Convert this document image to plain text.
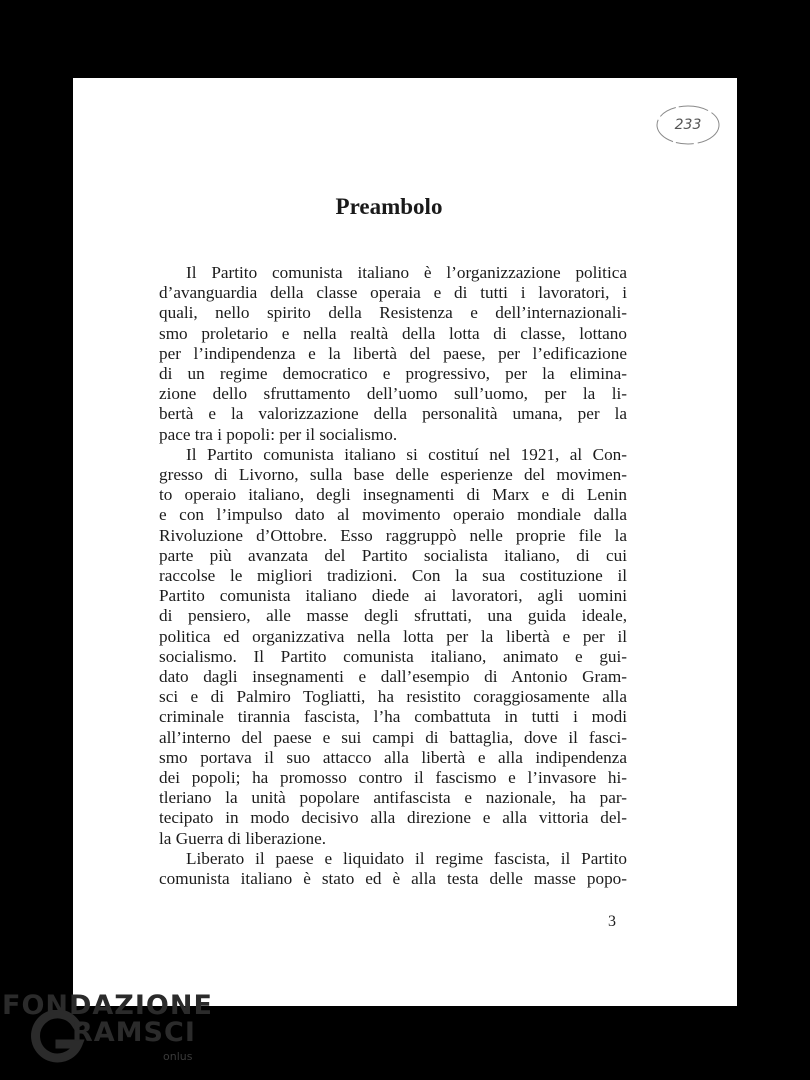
233
Preambolo
Il Partito comunista italiano è l’organizzazione politica
d’avanguardia della classe operaia e di tutti i lavoratori, i
quali, nello spirito della Resistenza e dell’internazionali-
smo proletario e nella realtà della lotta di classe, lottano
per l’indipendenza e la libertà del paese, per l’edificazione
di un regime democratico e progressivo, per la elimina-
zione dello sfruttamento dell’uomo sull’uomo, per la li-
bertà e la valorizzazione della personalità umana, per la
pace tra i popoli: per il socialismo.
Il Partito comunista italiano si costituí nel 1921, al Con-
gresso di Livorno, sulla base delle esperienze del movimen-
to operaio italiano, degli insegnamenti di Marx e di Lenin
e con l’impulso dato al movimento operaio mondiale dalla
Rivoluzione d’Ottobre. Esso raggruppò nelle proprie file la
parte più avanzata del Partito socialista italiano, di cui
raccolse le migliori tradizioni. Con la sua costituzione il
Partito comunista italiano diede ai lavoratori, agli uomini
di pensiero, alle masse degli sfruttati, una guida ideale,
politica ed organizzativa nella lotta per la libertà e per il
socialismo. Il Partito comunista italiano, animato e gui-
dato dagli insegnamenti e dall’esempio di Antonio Gram-
sci e di Palmiro Togliatti, ha resistito coraggiosamente alla
criminale tirannia fascista, l’ha combattuta in tutti i modi
all’interno del paese e sui campi di battaglia, dove il fasci-
smo portava il suo attacco alla libertà e alla indipendenza
dei popoli; ha promosso contro il fascismo e l’invasore hi-
tleriano la unità popolare antifascista e nazionale, ha par-
tecipato in modo decisivo alla direzione e alla vittoria del-
la Guerra di liberazione.
Liberato il paese e liquidato il regime fascista, il Partito
comunista italiano è stato ed è alla testa delle masse popo-
3
FONDAZIONE
RAMSCI
onlus
